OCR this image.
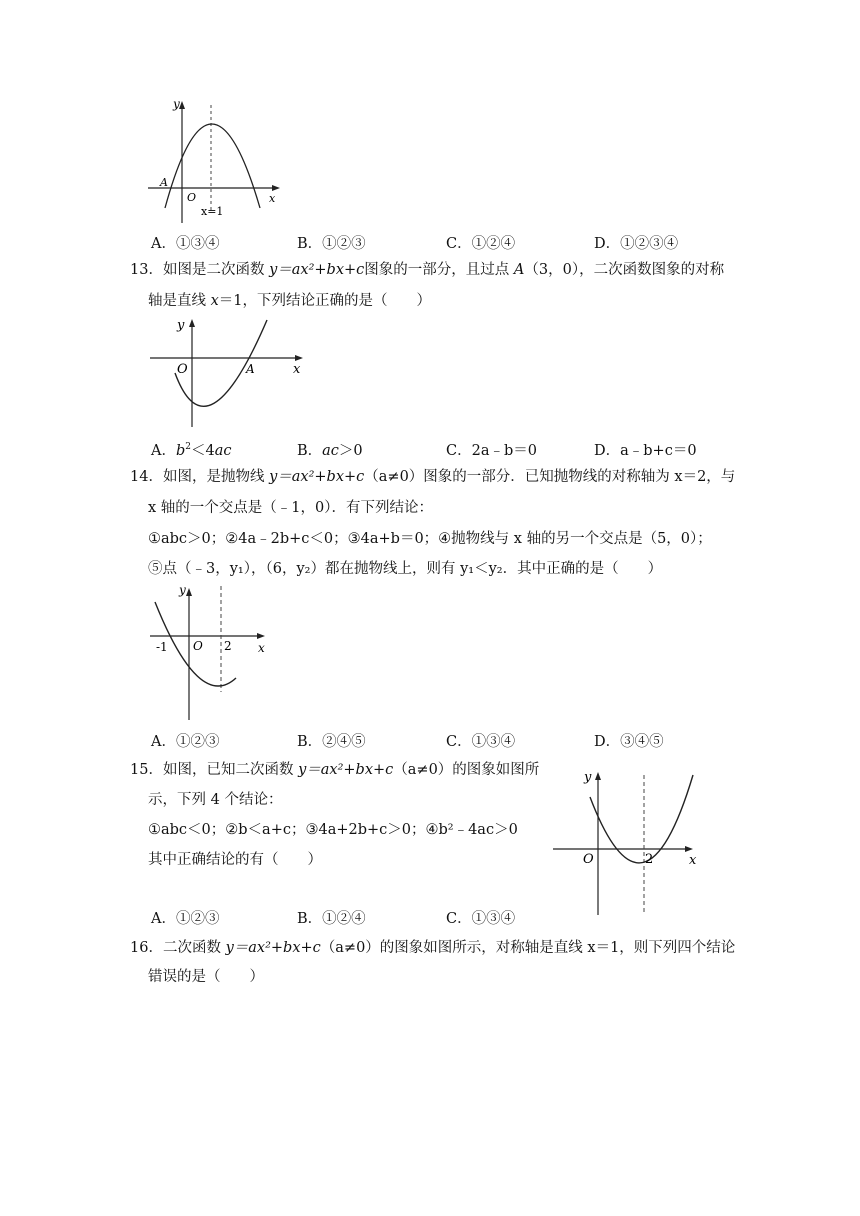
y
x
A
O
x=1
A．①③④	B．①②③	C．①②④	D．①②③④
13．如图是二次函数 y＝ax²+bx+c图象的一部分，且过点 A（3，0），二次函数图象的对称
轴是直线 x＝1，下列结论正确的是（　　）
y
x
O	A
A．$b^2<4ac$	B．ac＞0	C．2a﹣b＝0	D．a﹣b+c＝0
14．如图，是抛物线 y＝ax²+bx+c（a≠0）图象的一部分．已知抛物线的对称轴为 x＝2，与
x 轴的一个交点是（﹣1，0）．有下列结论：
①abc＞0；②4a﹣2b+c＜0；③4a+b＝0；④抛物线与 x 轴的另一个交点是（5，0）；
⑤点（﹣3，y₁），（6，y₂）都在抛物线上，则有 y₁＜y₂．其中正确的是（　　）
y
x
O
-1	2
A．①②③	B．②④⑤	C．①③④	D．③④⑤
15．如图，已知二次函数 y＝ax²+bx+c（a≠0）的图象如图所
示，下列 4 个结论：
①abc＜0；②b＜a+c；③4a+2b+c＞0；④b²﹣4ac＞0
其中正确结论的有（　　）
y
x
O	2
A．①②③	B．①②④	C．①③④
16．二次函数 y＝ax²+bx+c（a≠0）的图象如图所示，对称轴是直线 x＝1，则下列四个结论
错误的是（　　）
